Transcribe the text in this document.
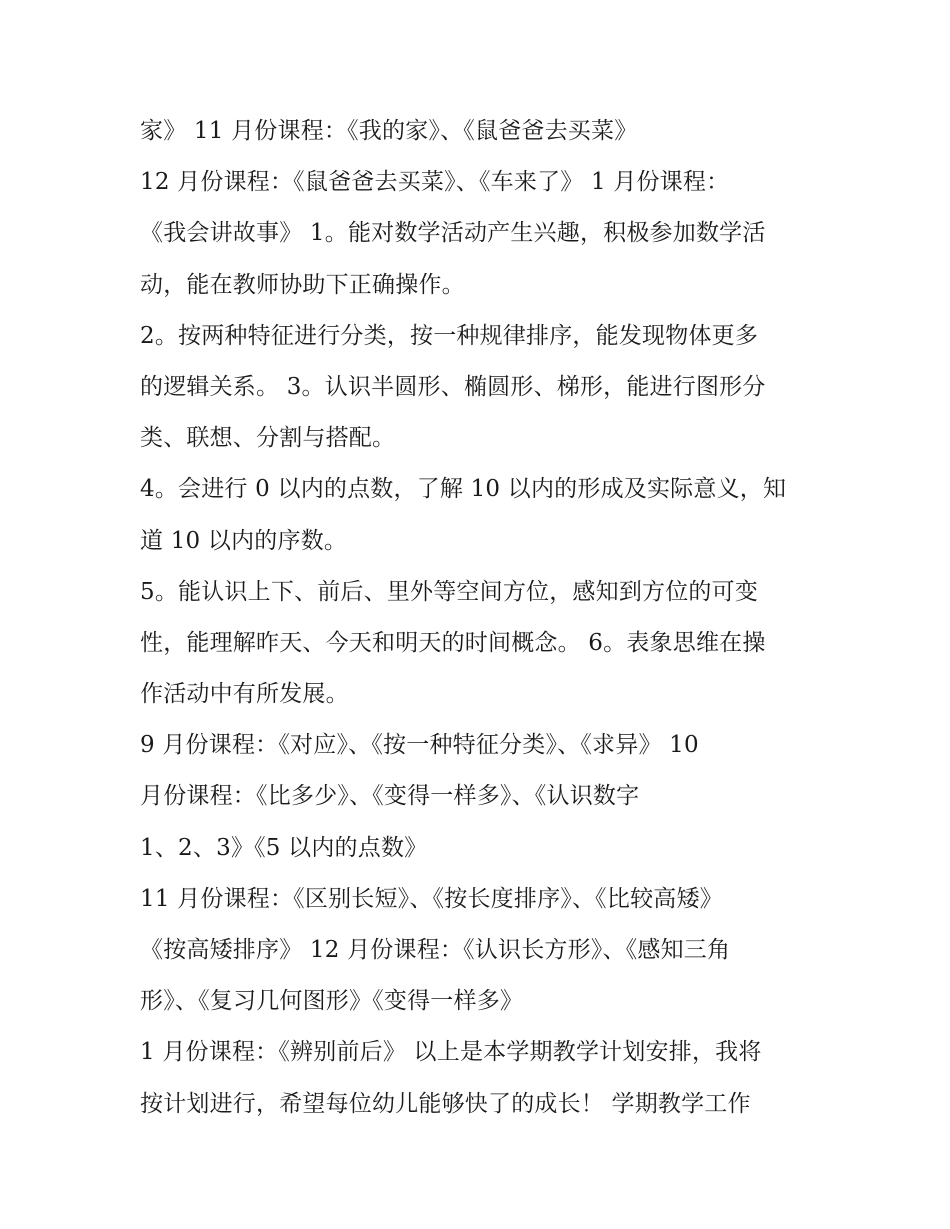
家》 11 月份课程：《我的家》、《鼠爸爸去买菜》
12 月份课程：《鼠爸爸去买菜》、《车来了》 1 月份课程：
《我会讲故事》 1。能对数学活动产生兴趣，积极参加数学活
动，能在教师协助下正确操作。
2。按两种特征进行分类，按一种规律排序，能发现物体更多
的逻辑关系。 3。认识半圆形、椭圆形、梯形，能进行图形分
类、联想、分割与搭配。
4。会进行 0 以内的点数，了解 10 以内的形成及实际意义，知
道 10 以内的序数。
5。能认识上下、前后、里外等空间方位，感知到方位的可变
性，能理解昨天、今天和明天的时间概念。 6。表象思维在操
作活动中有所发展。
9 月份课程：《对应》、《按一种特征分类》、《求异》 10
月份课程：《比多少》、《变得一样多》、《认识数字
1、2、3》《5 以内的点数》
11 月份课程：《区别长短》、《按长度排序》、《比较高矮》
《按高矮排序》 12 月份课程：《认识长方形》、《感知三角
形》、《复习几何图形》《变得一样多》
1 月份课程：《辨别前后》 以上是本学期教学计划安排，我将
按计划进行，希望每位幼儿能够快了的成长！ 学期教学工作
